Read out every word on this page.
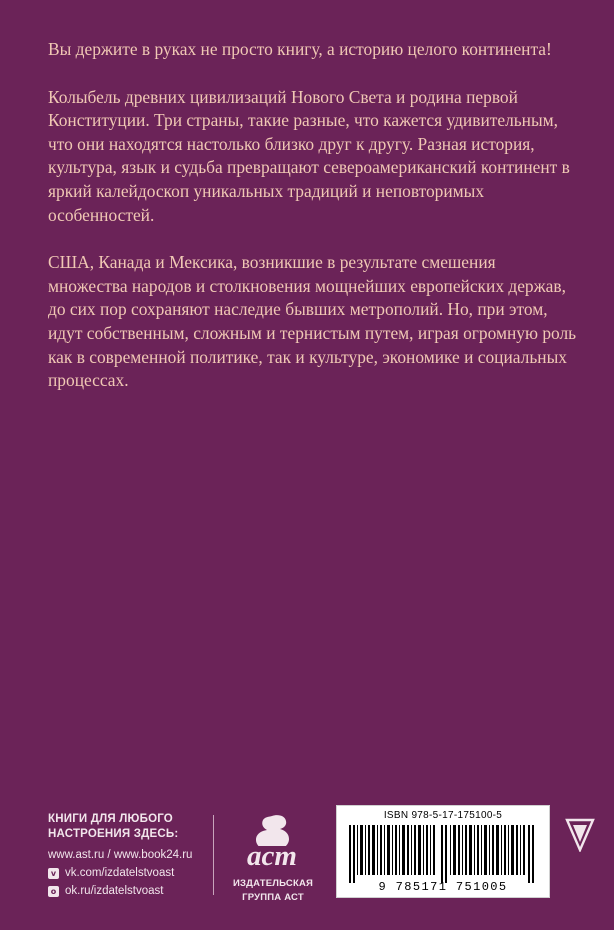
Вы держите в руках не просто книгу, а историю целого континента!

Колыбель древних цивилизаций Нового Света и родина первой Конституции. Три страны, такие разные, что кажется удивительным, что они находятся настолько близко друг к другу. Разная история, культура, язык и судьба превращают североамериканский континент в яркий калейдоскоп уникальных традиций и неповторимых особенностей.

США, Канада и Мексика, возникшие в результате смешения множества народов и столкновения мощнейших европейских держав, до сих пор сохраняют наследие бывших метрополий. Но, при этом, идут собственным, сложным и тернистым путем, играя огромную роль как в современной политике, так и культуре, экономике и социальных процессах.

КНИГИ ДЛЯ ЛЮБОГО
НАСТРОЕНИЯ ЗДЕСЬ:
www.ast.ru / www.book24.ru
v vk.com/izdatelstvoast
o ok.ru/izdatelstvoast
аст
ИЗДАТЕЛЬСКАЯ
ГРУППА АСТ
ISBN 978-5-17-175100-5
9 785171 751005
